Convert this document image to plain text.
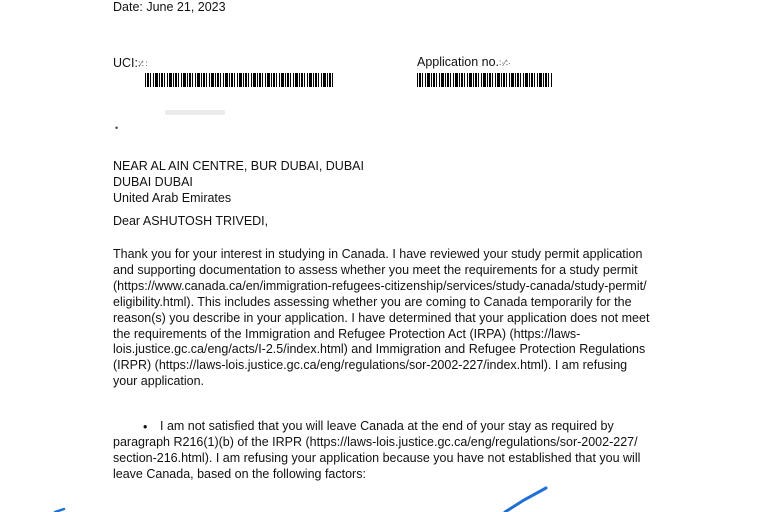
Date: June 21, 2023
UCI:∶⁄∷	Application no.∶⋅⁄∶∙
•
NEAR AL AIN CENTRE, BUR DUBAI, DUBAI
DUBAI DUBAI
United Arab Emirates
Dear ASHUTOSH TRIVEDI,
Thank you for your interest in studying in Canada. I have reviewed your study permit application
and supporting documentation to assess whether you meet the requirements for a study permit
(https://www.canada.ca/en/immigration-refugees-citizenship/services/study-canada/study-permit/
eligibility.html). This includes assessing whether you are coming to Canada temporarily for the
reason(s) you describe in your application. I have determined that your application does not meet
the requirements of the Immigration and Refugee Protection Act (IRPA) (https://laws-
lois.justice.gc.ca/eng/acts/I-2.5/index.html) and Immigration and Refugee Protection Regulations
(IRPR) (https://laws-lois.justice.gc.ca/eng/regulations/sor-2002-227/index.html). I am refusing
your application.
•	I am not satisfied that you will leave Canada at the end of your stay as required by
paragraph R216(1)(b) of the IRPR (https://laws-lois.justice.gc.ca/eng/regulations/sor-2002-227/
section-216.html). I am refusing your application because you have not established that you will
leave Canada, based on the following factors:
